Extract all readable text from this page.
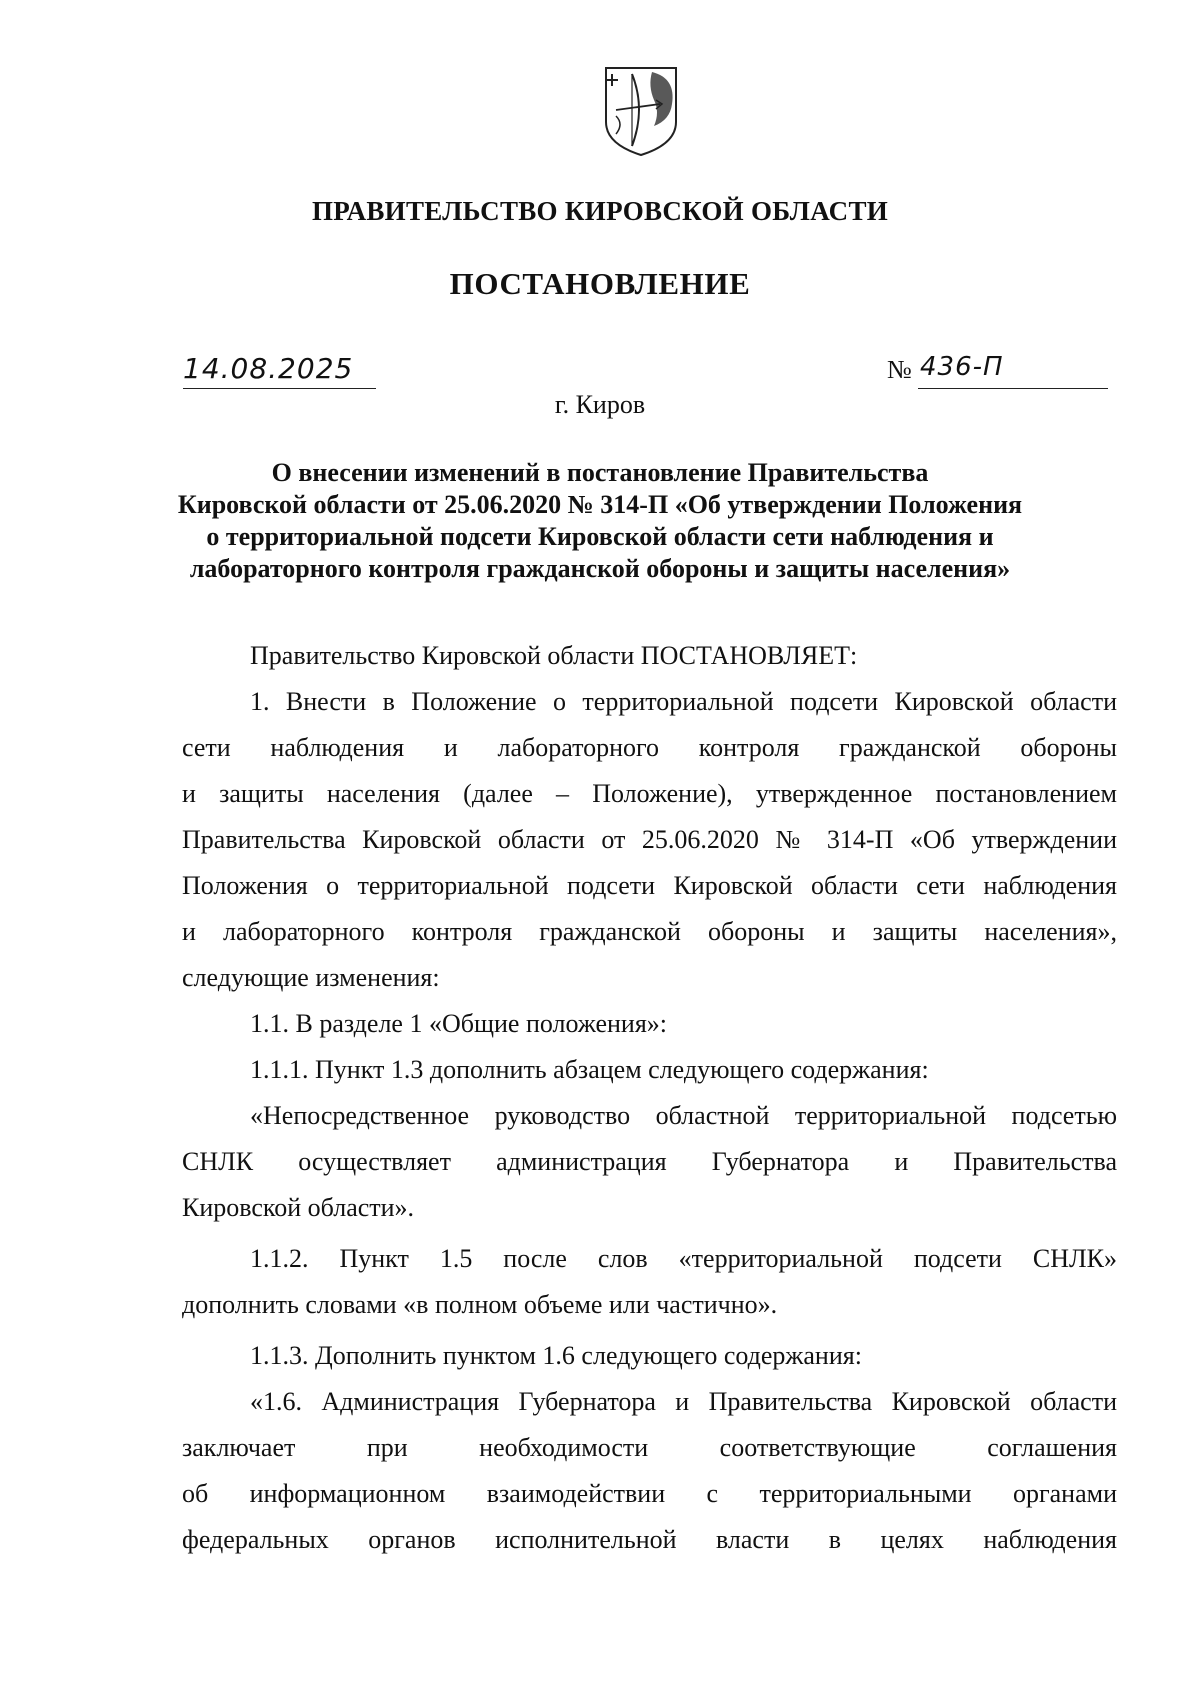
ПРАВИТЕЛЬСТВО КИРОВСКОЙ ОБЛАСТИ
ПОСТАНОВЛЕНИЕ
14.08.2025	№ 436-П
г. Киров
О внесении изменений в постановление Правительства
Кировской области от 25.06.2020 № 314-П «Об утверждении Положения
о территориальной подсети Кировской области сети наблюдения и
лабораторного контроля гражданской обороны и защиты населения»
Правительство Кировской области ПОСТАНОВЛЯЕТ:
1. Внести в Положение о территориальной подсети Кировской области
сети наблюдения и лабораторного контроля гражданской обороны
и защиты населения (далее – Положение), утвержденное постановлением
Правительства Кировской области от 25.06.2020 № 314-П «Об утверждении
Положения о территориальной подсети Кировской области сети наблюдения
и лабораторного контроля гражданской обороны и защиты населения»,
следующие изменения:
1.1. В разделе 1 «Общие положения»:
1.1.1. Пункт 1.3 дополнить абзацем следующего содержания:
«Непосредственное руководство областной территориальной подсетью
СНЛК осуществляет администрация Губернатора и Правительства
Кировской области».
1.1.2. Пункт 1.5 после слов «территориальной подсети СНЛК»
дополнить словами «в полном объеме или частично».
1.1.3. Дополнить пунктом 1.6 следующего содержания:
«1.6. Администрация Губернатора и Правительства Кировской области
заключает при необходимости соответствующие соглашения
об информационном взаимодействии с территориальными органами
федеральных органов исполнительной власти в целях наблюдения
